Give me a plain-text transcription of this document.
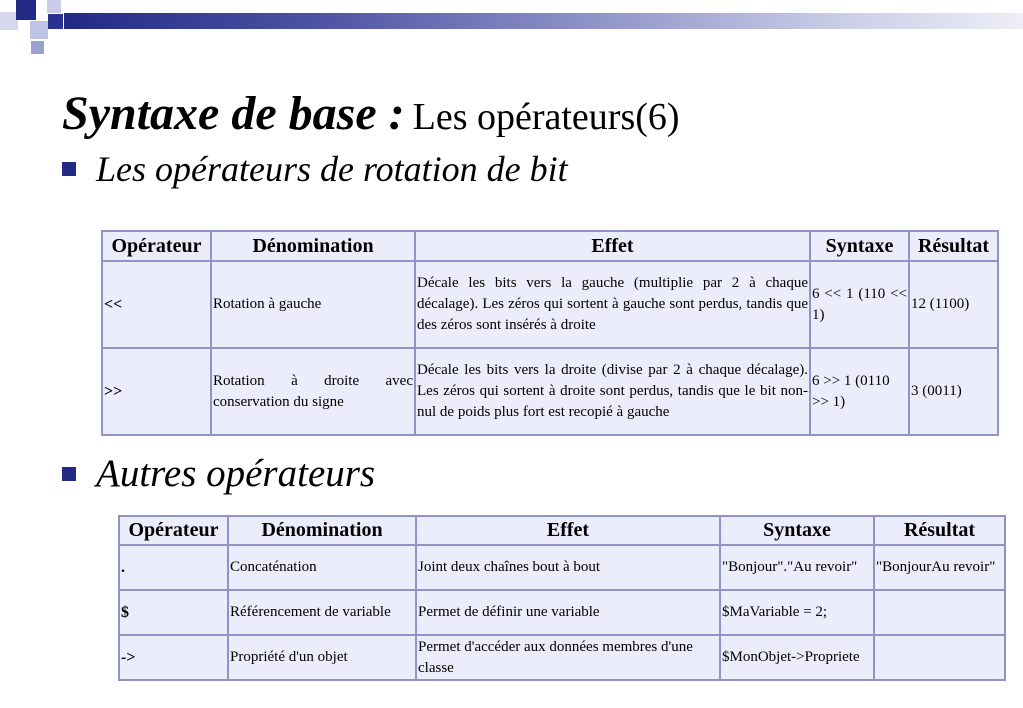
Syntaxe de base : Les opérateurs(6)
Les opérateurs de rotation de bit
Opérateur	Dénomination	Effet	Syntaxe	Résultat
<<	Rotation à gauche	Décale les bits vers la gauche (multiplie par 2 à chaque décalage). Les zéros qui sortent à gauche sont perdus, tandis que des zéros sont insérés à droite	6 << 1 (110 << 1)	12 (1100)
>>	Rotation à droite avec conservation du signe	Décale les bits vers la droite (divise par 2 à chaque décalage). Les zéros qui sortent à droite sont perdus, tandis que le bit non-nul de poids plus fort est recopié à gauche	6 >> 1 (0110 >> 1)	3 (0011)
Autres opérateurs
Opérateur	Dénomination	Effet	Syntaxe	Résultat
.	Concaténation	Joint deux chaînes bout à bout	"Bonjour"."Au revoir"	"BonjourAu revoir"
$	Référencement de variable	Permet de définir une variable	$MaVariable = 2;	
->	Propriété d'un objet	Permet d'accéder aux données membres d'une classe	$MonObjet->Propriete	
